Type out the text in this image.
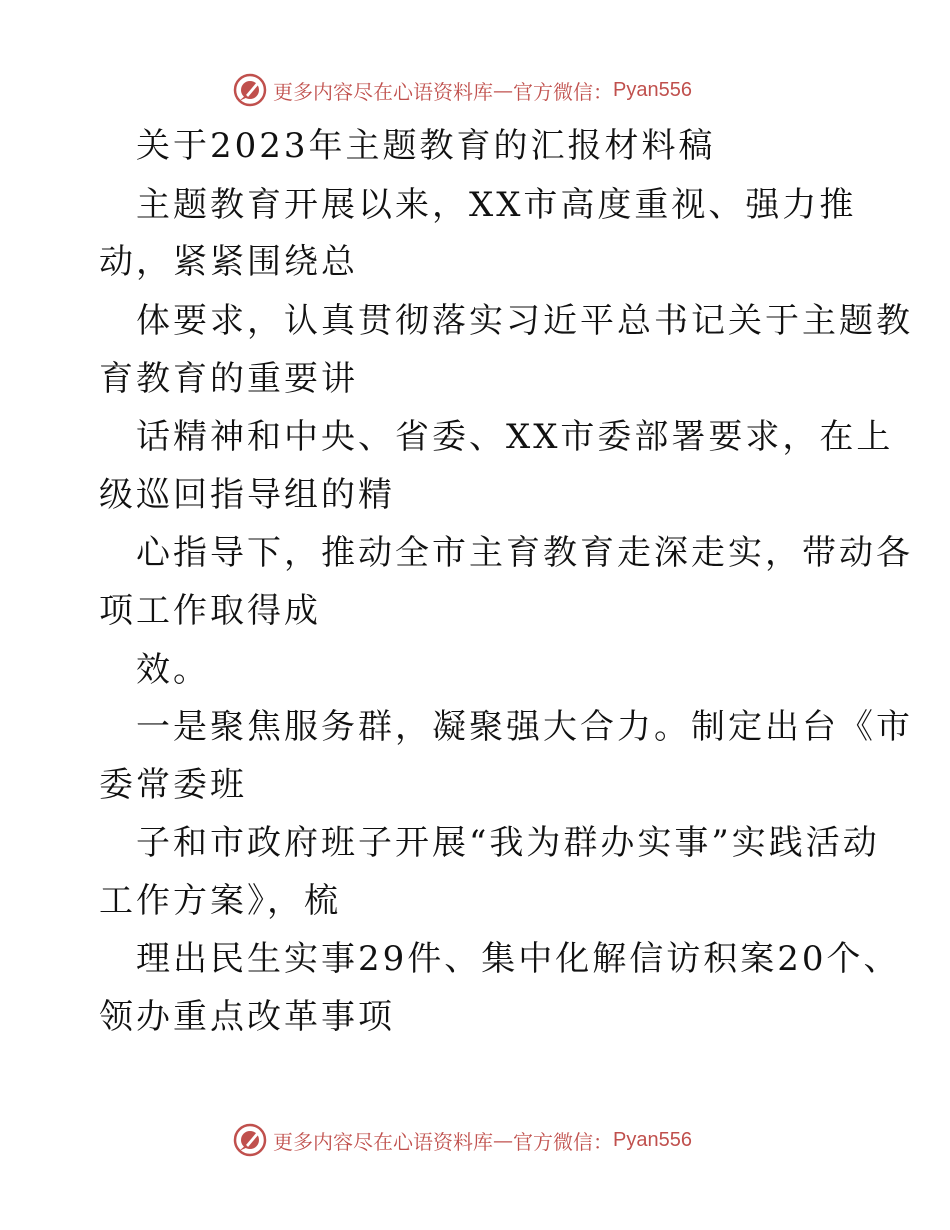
更多内容尽在心语资料库 — 官方微信 ： Pyan556
关于2023年主题教育的汇报材料稿
主题教育开展以来，XX市高度重视、强力推
动，紧紧围绕总
体要求，认真贯彻落实习近平总书记关于主题教
育教育的重要讲
话精神和中央、省委、XX市委部署要求，在上
级巡回指导组的精
心指导下，推动全市主育教育走深走实，带动各
项工作取得成
效。
一是聚焦服务群，凝聚强大合力。制定出台《市
委常委班
子和市政府班子开展“我为群办实事”实践活动
工作方案》，梳
理出民生实事29件、集中化解信访积案20个、
领办重点改革事项
更多内容尽在心语资料库 — 官方微信 ： Pyan556
